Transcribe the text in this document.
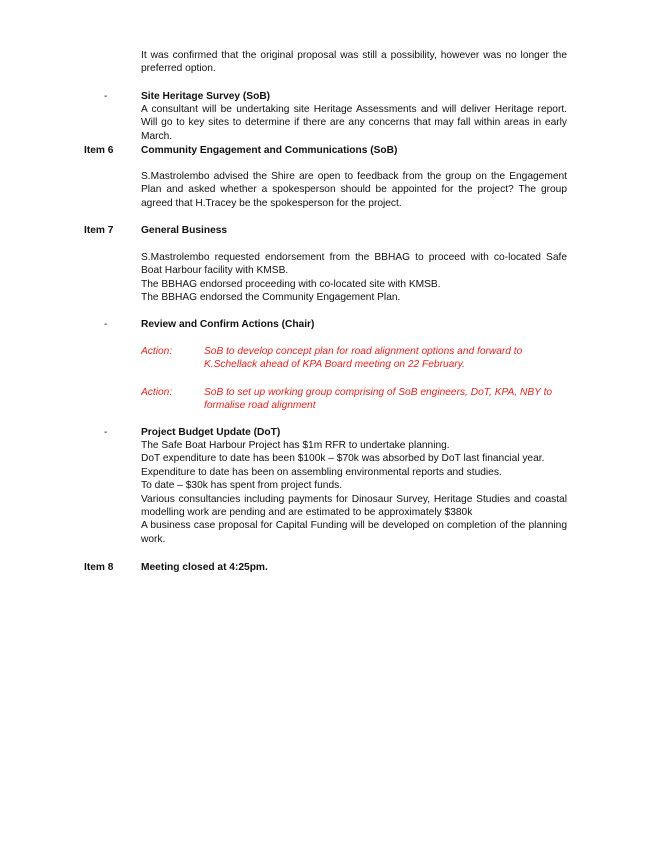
It was confirmed that the original proposal was still a possibility, however was no longer the preferred option.
-	Site Heritage Survey (SoB)
A consultant will be undertaking site Heritage Assessments and will deliver Heritage report. Will go to key sites to determine if there are any concerns that may fall within areas in early March.
Item 6	Community Engagement and Communications (SoB)
S.Mastrolembo advised the Shire are open to feedback from the group on the Engagement Plan and asked whether a spokesperson should be appointed for the project? The group agreed that H.Tracey be the spokesperson for the project.
Item 7	General Business

S.Mastrolembo requested endorsement from the BBHAG to proceed with co-located Safe Boat Harbour facility with KMSB.

The BBHAG endorsed proceeding with co-located site with KMSB.

The BBHAG endorsed the Community Engagement Plan.

-	Review and Confirm Actions (Chair)
Action:	SoB to develop concept plan for road alignment options and forward to K.Schellack ahead of KPA Board meeting on 22 February.
Action:	SoB to set up working group comprising of SoB engineers, DoT, KPA, NBY to formalise road alignment
-	Project Budget Update (DoT)

The Safe Boat Harbour Project has $1m RFR to undertake planning.

DoT expenditure to date has been $100k – $70k was absorbed by DoT last financial year.

Expenditure to date has been on assembling environmental reports and studies.

To date – $30k has spent from project funds.

Various consultancies including payments for Dinosaur Survey, Heritage Studies and coastal modelling work are pending and are estimated to be approximately $380k

A business case proposal for Capital Funding will be developed on completion of the planning work.

Item 8	Meeting closed at 4:25pm.
